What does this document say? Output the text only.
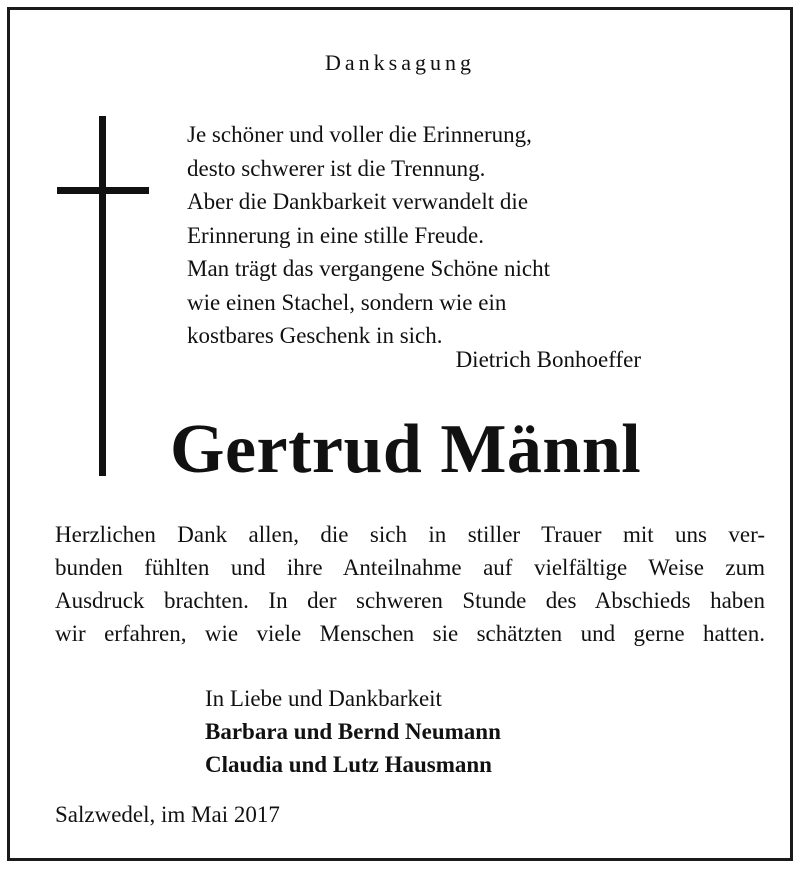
Danksagung
Je schöner und voller die Erinnerung,
desto schwerer ist die Trennung.
Aber die Dankbarkeit verwandelt die
Erinnerung in eine stille Freude.
Man trägt das vergangene Schöne nicht
wie einen Stachel, sondern wie ein
kostbares Geschenk in sich.
Dietrich Bonhoeffer
Gertrud Männl
Herzlichen Dank allen, die sich in stiller Trauer mit uns ver-
bunden fühlten und ihre Anteilnahme auf vielfältige Weise zum
Ausdruck brachten. In der schweren Stunde des Abschieds haben
wir erfahren, wie viele Menschen sie schätzten und gerne hatten.
In Liebe und Dankbarkeit
Barbara und Bernd Neumann
Claudia und Lutz Hausmann
Salzwedel, im Mai 2017
